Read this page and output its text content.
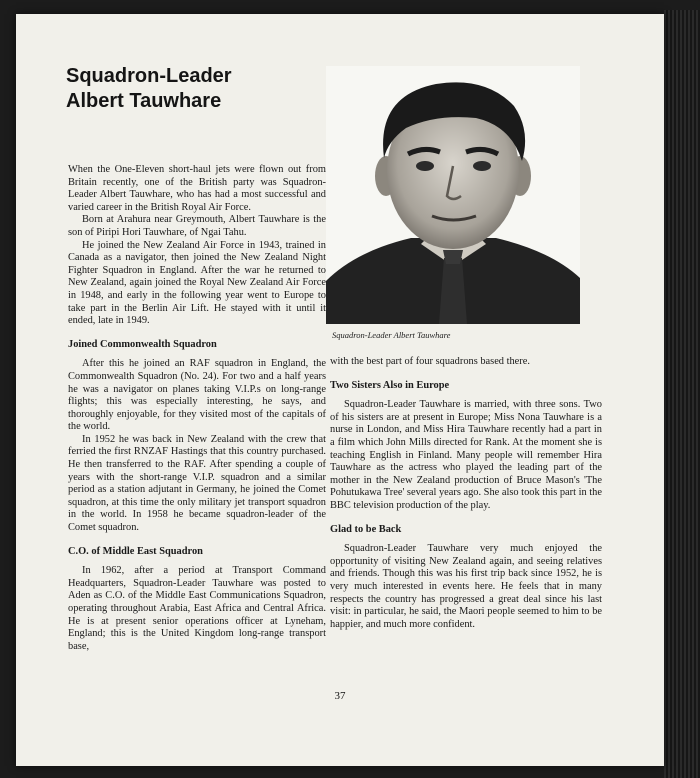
Squadron-Leader
Albert Tauwhare
Squadron-Leader Albert Tauwhare

When the One-Eleven short-haul jets were flown out from Britain recently, one of the British party was Squadron-Leader Albert Tauwhare, who has had a most successful and varied career in the British Royal Air Force.

Born at Arahura near Greymouth, Albert Tauwhare is the son of Piripi Hori Tauwhare, of Ngai Tahu.

He joined the New Zealand Air Force in 1943, trained in Canada as a navigator, then joined the New Zealand Night Fighter Squadron in England. After the war he returned to New Zealand, again joined the Royal New Zealand Air Force in 1948, and early in the following year went to Europe to take part in the Berlin Air Lift. He stayed with it until it ended, late in 1949.

Joined Commonwealth Squadron

After this he joined an RAF squadron in England, the Commonwealth Squadron (No. 24). For two and a half years he was a navigator on planes taking V.I.P.s on long-range flights; this was especially interesting, he says, and thoroughly enjoyable, for they visited most of the capitals of the world.

In 1952 he was back in New Zealand with the crew that ferried the first RNZAF Hastings that this country purchased. He then transferred to the RAF. After spending a couple of years with the short-range V.I.P. squadron and a similar period as a station adjutant in Germany, he joined the Comet squadron, at this time the only military jet transport squadron in the world. In 1958 he became squadron-leader of the Comet squadron.

C.O. of Middle East Squadron

In 1962, after a period at Transport Command Headquarters, Squadron-Leader Tauwhare was posted to Aden as C.O. of the Middle East Communications Squadron, operating throughout Arabia, East Africa and Central Africa. He is at present senior operations officer at Lyneham, England; this is the United Kingdom long-range transport base,

with the best part of four squadrons based there.

Two Sisters Also in Europe

Squadron-Leader Tauwhare is married, with three sons. Two of his sisters are at present in Europe; Miss Nona Tauwhare is a nurse in London, and Miss Hira Tauwhare recently had a part in a film which John Mills directed for Rank. At the moment she is teaching English in Finland. Many people will remember Hira Tauwhare as the actress who played the leading part of the mother in the New Zealand production of Bruce Mason's 'The Pohutukawa Tree' several years ago. She also took this part in the BBC television production of the play.

Glad to be Back

Squadron-Leader Tauwhare very much enjoyed the opportunity of visiting New Zealand again, and seeing relatives and friends. Though this was his first trip back since 1952, he is very much interested in events here. He feels that in many respects the country has progressed a great deal since his last visit: in particular, he said, the Maori people seemed to him to be happier, and much more confident.

37
